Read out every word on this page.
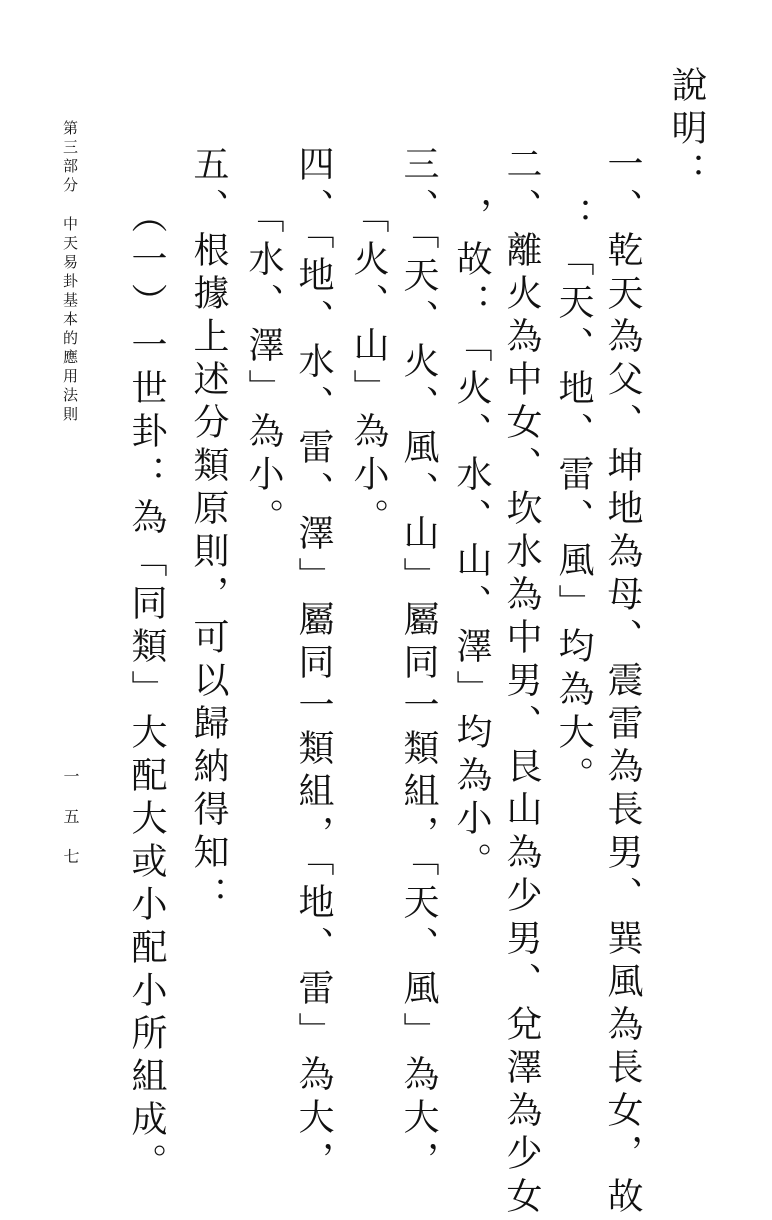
說明：
一、乾天為父、坤地為母、震雷為長男、巽風為長女，故
：「天、地、雷、風」均為大。
二、離火為中女、坎水為中男、艮山為少男、兌澤為少女
，故：「火、水、山、澤」均為小。
三、「天、火、風、山」屬同一類組，「天、風」為大，
「火、山」為小。
四、「地、水、雷、澤」屬同一類組，「地、雷」為大，
「水、澤」為小。
五、根據上述分類原則，可以歸納得知：
（一）一世卦：為「同類」大配大或小配小所組成。
第三部分
中天易卦基本的應用法則
一五七
